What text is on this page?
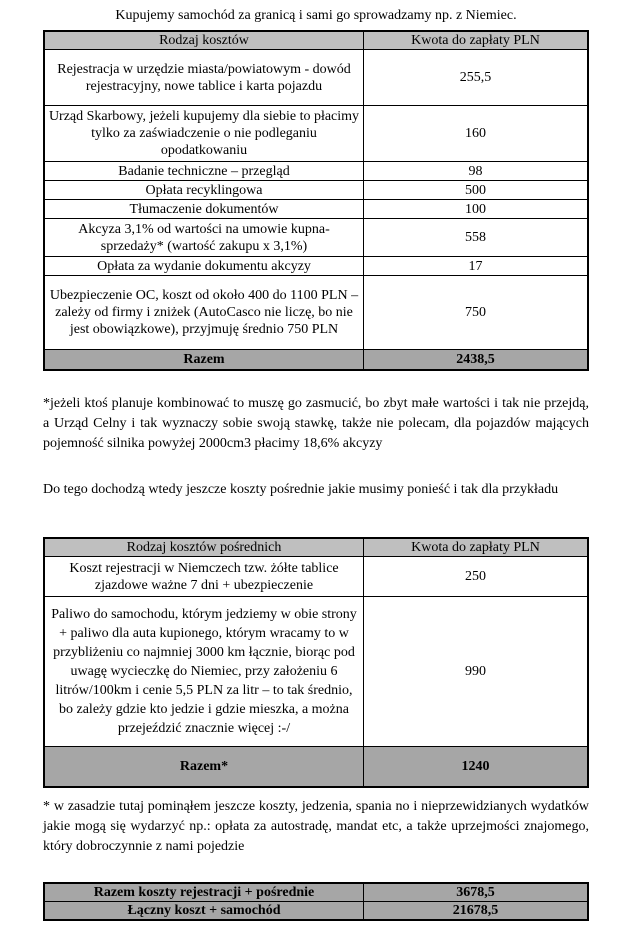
Kupujemy samochód za granicą i sami go sprowadzamy np. z Niemiec.
Rodzaj kosztów	Kwota do zapłaty PLN
Rejestracja w urzędzie miasta/powiatowym - dowód rejestracyjny, nowe tablice i karta pojazdu	255,5
Urząd Skarbowy, jeżeli kupujemy dla siebie to płacimy tylko za zaświadczenie o nie podleganiu opodatkowaniu	160
Badanie techniczne – przegląd	98
Opłata recyklingowa	500
Tłumaczenie dokumentów	100
Akcyza 3,1% od wartości na umowie kupna-sprzedaży* (wartość zakupu x 3,1%)	558
Opłata za wydanie dokumentu akcyzy	17
Ubezpieczenie OC, koszt od około 400 do 1100 PLN – zależy od firmy i zniżek (AutoCasco nie liczę, bo nie jest obowiązkowe), przyjmuję średnio 750 PLN	750
Razem	2438,5
*jeżeli ktoś planuje kombinować to muszę go zasmucić, bo zbyt małe wartości i tak nie przejdą, a Urząd Celny i tak wyznaczy sobie swoją stawkę, także nie polecam, dla pojazdów mających pojemność silnika powyżej 2000cm3 płacimy 18,6% akcyzy
Do tego dochodzą wtedy jeszcze koszty pośrednie jakie musimy ponieść i tak dla przykładu
Rodzaj kosztów pośrednich	Kwota do zapłaty PLN
Koszt rejestracji w Niemczech tzw. żółte tablice zjazdowe ważne 7 dni + ubezpieczenie	250
Paliwo do samochodu, którym jedziemy w obie strony + paliwo dla auta kupionego, którym wracamy to w przybliżeniu co najmniej 3000 km łącznie, biorąc pod uwagę wycieczkę do Niemiec, przy założeniu 6 litrów/100km i cenie 5,5 PLN za litr – to tak średnio, bo zależy gdzie kto jedzie i gdzie mieszka, a można przejeździć znacznie więcej :-/	990
Razem*	1240
* w zasadzie tutaj pominąłem jeszcze koszty, jedzenia, spania no i nieprzewidzianych wydatków jakie mogą się wydarzyć np.: opłata za autostradę, mandat etc, a także uprzejmości znajomego, który dobroczynnie z nami pojedzie
Razem koszty rejestracji + pośrednie	3678,5
Łączny koszt + samochód	21678,5
